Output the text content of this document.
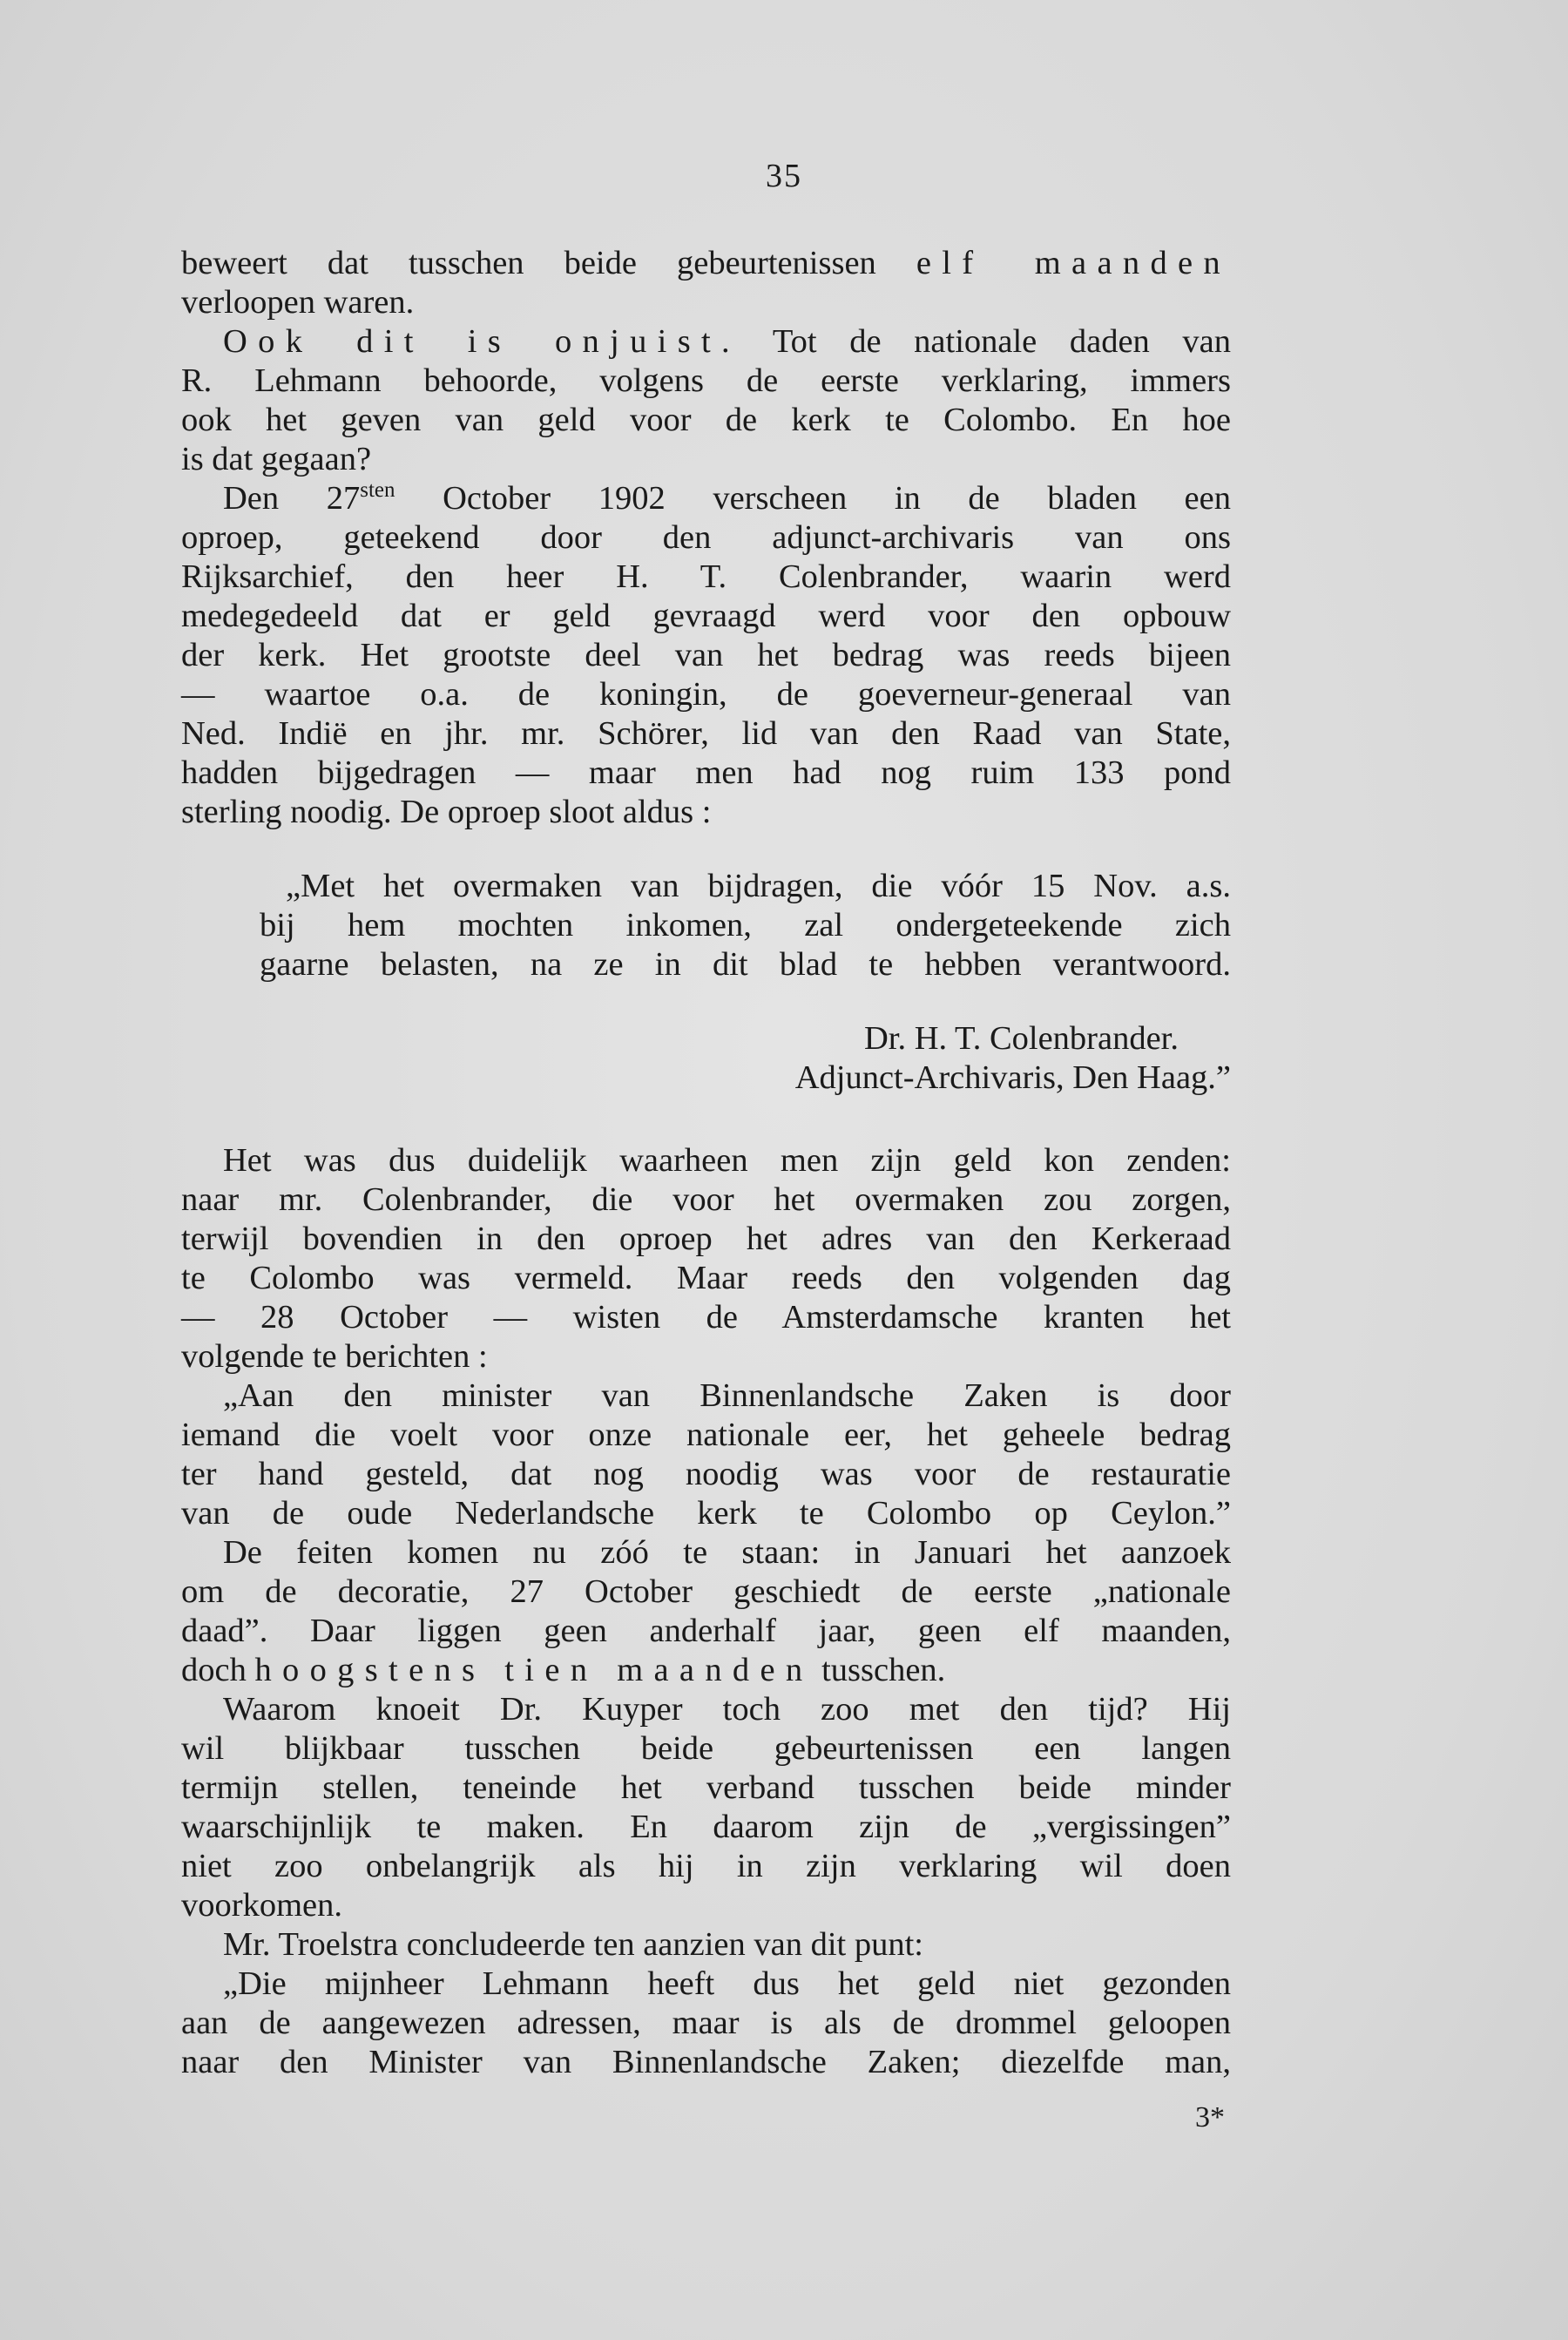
35
beweert dat tusschen beide gebeurtenissen elf maanden
verloopen waren.
Ook dit is onjuist. Tot de nationale daden van
R. Lehmann behoorde, volgens de eerste verklaring, immers
ook het geven van geld voor de kerk te Colombo. En hoe
is dat gegaan?
Den $27^{sten}$ October 1902 verscheen in de bladen een
oproep, geteekend door den adjunct-archivaris van ons
Rijksarchief, den heer H. T. Colenbrander, waarin werd
medegedeeld dat er geld gevraagd werd voor den opbouw
der kerk. Het grootste deel van het bedrag was reeds bijeen
— waartoe o.a. de koningin, de goeverneur-generaal van
Ned. Indië en jhr. mr. Schörer, lid van den Raad van State,
hadden bijgedragen — maar men had nog ruim 133 pond
sterling noodig. De oproep sloot aldus :
„Met het overmaken van bijdragen, die vóór 15 Nov. a.s.
bij hem mochten inkomen, zal ondergeteekende zich
gaarne belasten, na ze in dit blad te hebben verantwoord.
Dr. H. T. Colenbrander.
Adjunct-Archivaris, Den Haag.”
Het was dus duidelijk waarheen men zijn geld kon zenden:
naar mr. Colenbrander, die voor het overmaken zou zorgen,
terwijl bovendien in den oproep het adres van den Kerkeraad
te Colombo was vermeld. Maar reeds den volgenden dag
— 28 October — wisten de Amsterdamsche kranten het
volgende te berichten :
„Aan den minister van Binnenlandsche Zaken is door
iemand die voelt voor onze nationale eer, het geheele bedrag
ter hand gesteld, dat nog noodig was voor de restauratie
van de oude Nederlandsche kerk te Colombo op Ceylon.”
De feiten komen nu zóó te staan: in Januari het aanzoek
om de decoratie, 27 October geschiedt de eerste „nationale
daad”. Daar liggen geen anderhalf jaar, geen elf maanden,
doch hoogstens tien maanden tusschen.
Waarom knoeit Dr. Kuyper toch zoo met den tijd? Hij
wil blijkbaar tusschen beide gebeurtenissen een langen
termijn stellen, teneinde het verband tusschen beide minder
waarschijnlijk te maken. En daarom zijn de „vergissingen”
niet zoo onbelangrijk als hij in zijn verklaring wil doen
voorkomen.
Mr. Troelstra concludeerde ten aanzien van dit punt:
„Die mijnheer Lehmann heeft dus het geld niet gezonden
aan de aangewezen adressen, maar is als de drommel geloopen
naar den Minister van Binnenlandsche Zaken; diezelfde man,
3*
